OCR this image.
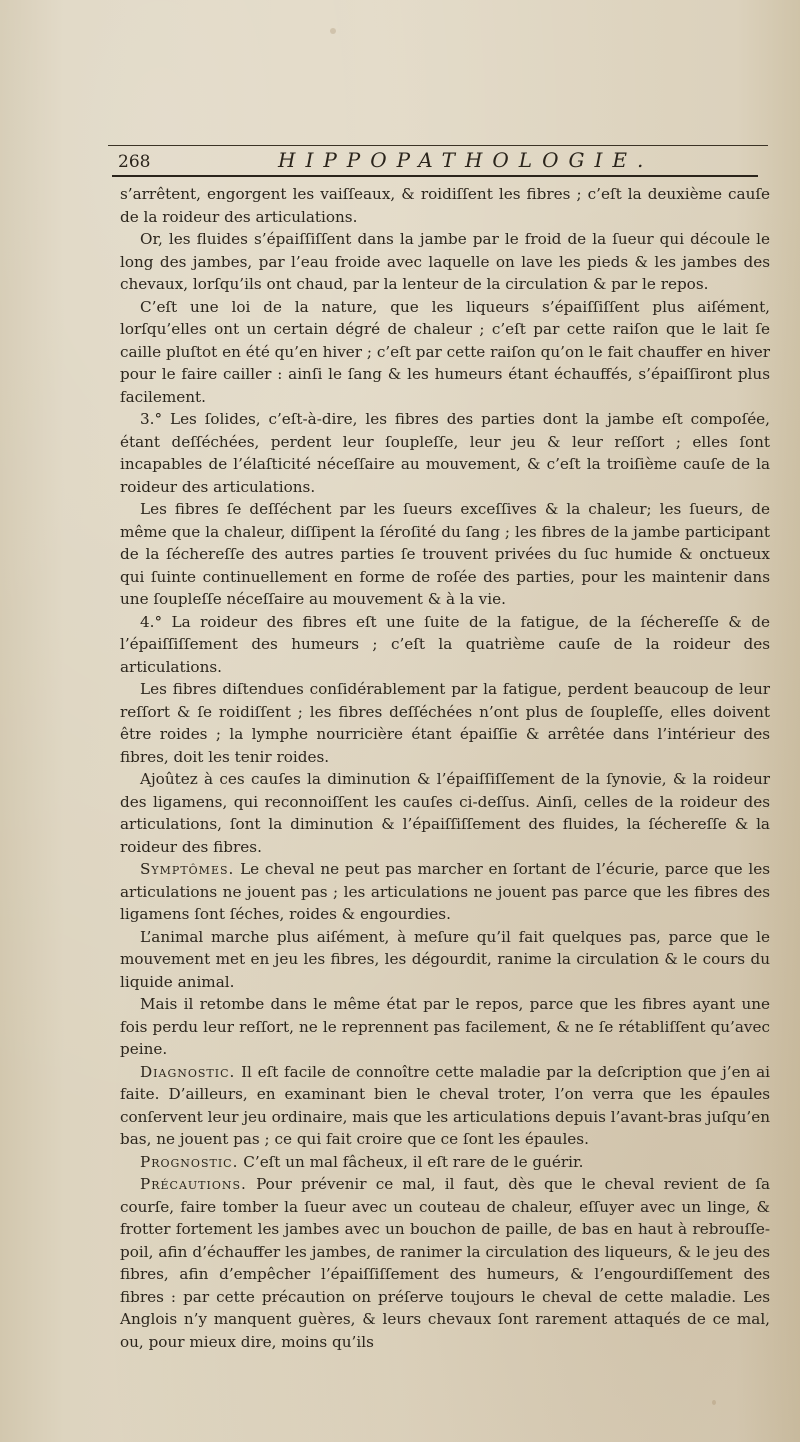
268	HIPPOPATHOLOGIE.

s’arrêtent, engorgent les vaiſſeaux, & roidiſſent les fibres ; c’eſt la deuxième cauſe de la roideur des articulations.

Or, les fluides s’épaiſſiſſent dans la jambe par le froid de la ſueur qui découle le long des jambes, par l’eau froide avec laquelle on lave les pieds & les jambes des chevaux, lorſqu’ils ont chaud, par la lenteur de la circulation & par le repos.

C’eſt une loi de la nature, que les liqueurs s’épaiſſiſſent plus aiſément, lorſqu’elles ont un certain dégré de chaleur ; c’eſt par cette raiſon que le lait ſe caille pluſtot en été qu’en hiver ; c’eſt par cette raiſon qu’on le fait chauffer en hiver pour le faire cailler : ainſi le ſang & les humeurs étant échauffés, s’épaiſſiront plus facilement.

3.° Les ſolides, c’eſt-à-dire, les fibres des parties dont la jambe eſt compoſée, étant deſſéchées, perdent leur ſoupleſſe, leur jeu & leur reſſort ; elles ſont incapables de l’élaſticité néceſſaire au mouvement, & c’eſt la troiſième cauſe de la roideur des articulations.

Les fibres ſe deſſéchent par les ſueurs exceſſives & la chaleur; les ſueurs, de même que la chaleur, diſſipent la ſéroſité du ſang ; les fibres de la jambe participant de la ſéchereſſe des autres parties ſe trouvent privées du ſuc humide & onctueux qui ſuinte continuellement en forme de roſée des parties, pour les maintenir dans une ſoupleſſe néceſſaire au mouvement & à la vie.

4.° La roideur des fibres eſt une ſuite de la fatigue, de la ſéchereſſe & de l’épaiſſiſſement des humeurs ; c’eſt la quatrième cauſe de la roideur des articulations.

Les fibres diſtendues conſidérablement par la fatigue, perdent beaucoup de leur reſſort & ſe roidiſſent ; les fibres deſſéchées n’ont plus de ſoupleſſe, elles doivent être roides ; la lymphe nourricière étant épaiſſie & arrêtée dans l’intérieur des fibres, doit les tenir roides.

Ajoûtez à ces cauſes la diminution & l’épaiſſiſſement de la ſynovie, & la roideur des ligamens, qui reconnoiſſent les cauſes ci-deſſus. Ainſi, celles de la roideur des articulations, ſont la diminution & l’épaiſſiſſement des fluides, la ſéchereſſe & la roideur des fibres.

Symptômes. Le cheval ne peut pas marcher en ſortant de l’écurie, parce que les articulations ne jouent pas ; les articulations ne jouent pas parce que les fibres des ligamens ſont ſéches, roides & engourdies.

L’animal marche plus aiſément, à meſure qu’il fait quelques pas, parce que le mouvement met en jeu les fibres, les dégourdit, ranime la circulation & le cours du liquide animal.

Mais il retombe dans le même état par le repos, parce que les fibres ayant une fois perdu leur reſſort, ne le reprennent pas facilement, & ne ſe rétabliſſent qu’avec peine.

Diagnostic. Il eſt facile de connoître cette maladie par la deſcription que j’en ai faite. D’ailleurs, en examinant bien le cheval troter, l’on verra que les épaules conſervent leur jeu ordinaire, mais que les articulations depuis l’avant-bras juſqu’en bas, ne jouent pas ; ce qui fait croire que ce ſont les épaules.

Prognostic. C’eſt un mal fâcheux, il eſt rare de le guérir.

Précautions. Pour prévenir ce mal, il faut, dès que le cheval revient de ſa courſe, faire tomber la ſueur avec un couteau de chaleur, eſſuyer avec un linge, & frotter fortement les jambes avec un bouchon de paille, de bas en haut à rebrouſſe-poil, afin d’échauffer les jambes, de ranimer la circulation des liqueurs, & le jeu des fibres, afin d’empêcher l’épaiſſiſſement des humeurs, & l’engourdiſſement des fibres : par cette précaution on préſerve toujours le cheval de cette maladie. Les Anglois n’y manquent guères, & leurs chevaux ſont rarement attaqués de ce mal, ou, pour mieux dire, moins qu’ils
